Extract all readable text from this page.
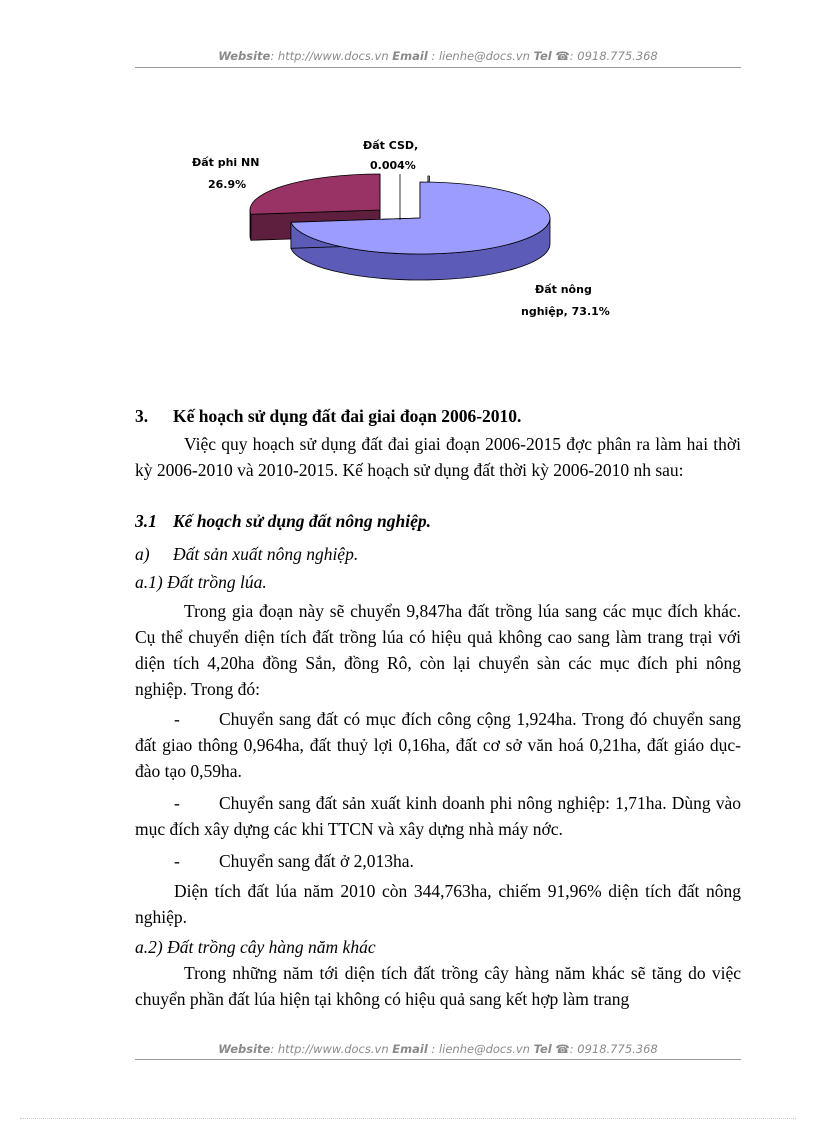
Website: http://www.docs.vn Email : lienhe@docs.vn Tel ☎: 0918.775.368
Đất phi NN
26.9%
Đất CSD,
0.004%
Đất nông
nghiệp, 73.1%
3. Kế hoạch sử dụng đất đai giai đoạn 2006-2010.

Việc quy hoạch sử dụng đất đai giai đoạn 2006-2015 đợc phân ra làm hai thời kỳ 2006-2010 và 2010-2015. Kế hoạch sử dụng đất thời kỳ 2006-2010 nh sau:

3.1 Kế hoạch sử dụng đất nông nghiệp.
a) Đất sản xuất nông nghiệp.
a.1) Đất trồng lúa.

Trong gia đoạn này sẽ chuyển 9,847ha đất trồng lúa sang các mục đích khác. Cụ thể chuyển diện tích đất trồng lúa có hiệu quả không cao sang làm trang trại với diện tích 4,20ha đồng Sắn, đồng Rô, còn lại chuyển sàn các mục đích phi nông nghiệp. Trong đó:

- Chuyển sang đất có mục đích công cộng 1,924ha. Trong đó chuyển sang đất giao thông 0,964ha, đất thuỷ lợi 0,16ha, đất cơ sở văn hoá 0,21ha, đất giáo dục-đào tạo 0,59ha.

- Chuyển sang đất sản xuất kinh doanh phi nông nghiệp: 1,71ha. Dùng vào mục đích xây dựng các khi TTCN và xây dựng nhà máy nớc.

- Chuyển sang đất ở 2,013ha.

Diện tích đất lúa năm 2010 còn 344,763ha, chiếm 91,96% diện tích đất nông nghiệp.

a.2) Đất trồng cây hàng năm khác

Trong những năm tới diện tích đất trồng cây hàng năm khác sẽ tăng do việc chuyển phần đất lúa hiện tại không có hiệu quả sang kết hợp làm trang

Website: http://www.docs.vn Email : lienhe@docs.vn Tel ☎: 0918.775.368
